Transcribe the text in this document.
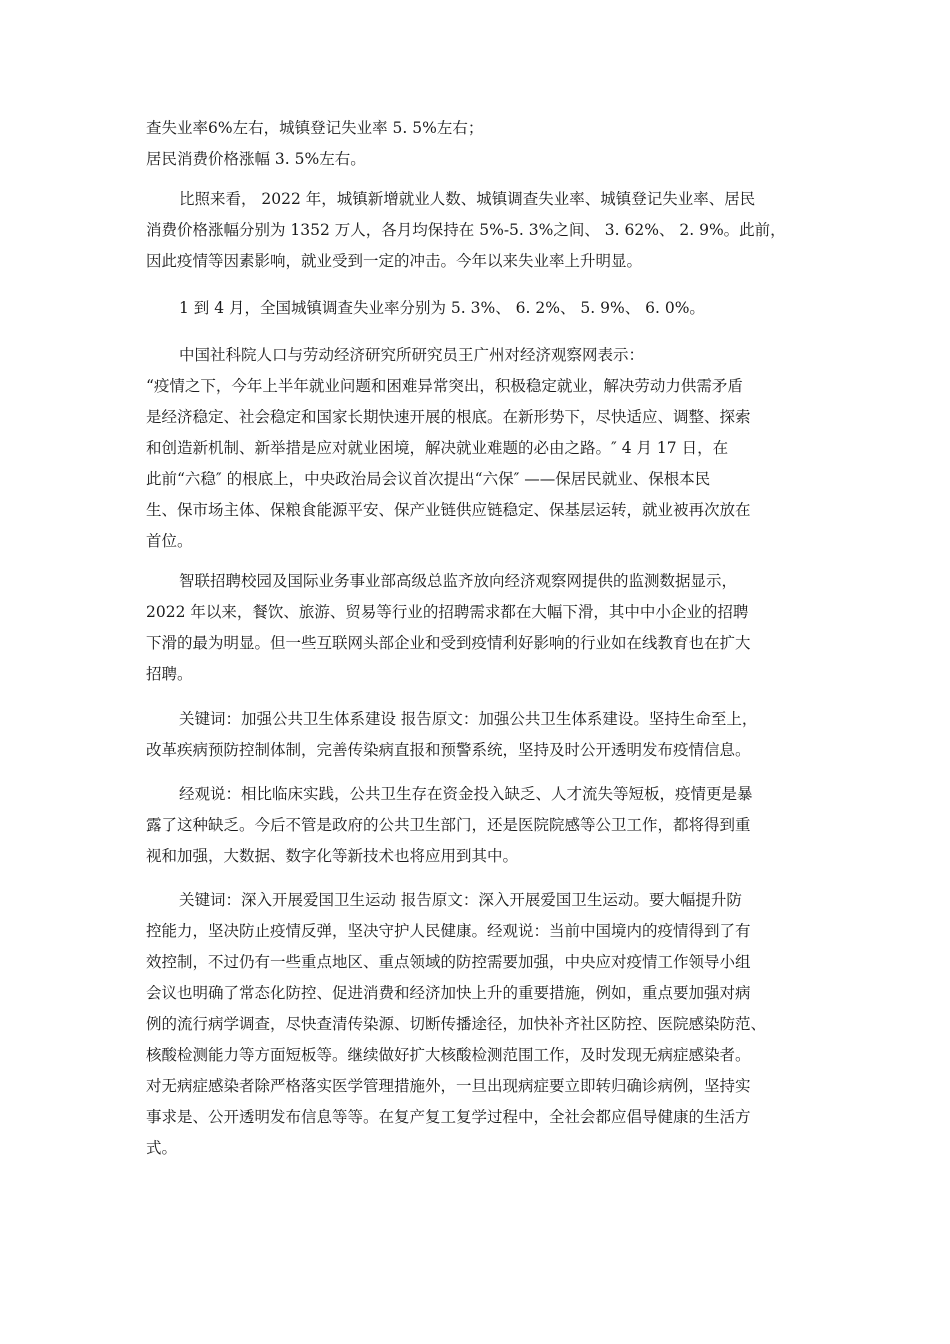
查失业率6%左右，城镇登记失业率 5. 5%左右；
居民消费价格涨幅 3. 5%左右。
比照来看， 2022 年，城镇新增就业人数、城镇调查失业率、城镇登记失业率、居民
消费价格涨幅分别为 1352 万人，各月均保持在 5%-5. 3%之间、 3. 62%、 2. 9%。此前，
因此疫情等因素影响，就业受到一定的冲击。今年以来失业率上升明显。
1 到 4 月，全国城镇调查失业率分别为 5. 3%、 6. 2%、 5. 9%、 6. 0%。
中国社科院人口与劳动经济研究所研究员王广州对经济观察网表示：
“疫情之下，今年上半年就业问题和困难异常突出，积极稳定就业，解决劳动力供需矛盾
是经济稳定、社会稳定和国家长期快速开展的根底。在新形势下，尽快适应、调整、探索
和创造新机制、新举措是应对就业困境，解决就业难题的必由之路。″ 4 月 17 日，在
此前“六稳″ 的根底上，中央政治局会议首次提出“六保″ ——保居民就业、保根本民
生、保市场主体、保粮食能源平安、保产业链供应链稳定、保基层运转，就业被再次放在
首位。
智联招聘校园及国际业务事业部高级总监齐放向经济观察网提供的监测数据显示，
2022 年以来，餐饮、旅游、贸易等行业的招聘需求都在大幅下滑，其中中小企业的招聘
下滑的最为明显。但一些互联网头部企业和受到疫情利好影响的行业如在线教育也在扩大
招聘。
关键词：加强公共卫生体系建设 报告原文：加强公共卫生体系建设。坚持生命至上，
改革疾病预防控制体制，完善传染病直报和预警系统，坚持及时公开透明发布疫情信息。
经观说：相比临床实践，公共卫生存在资金投入缺乏、人才流失等短板，疫情更是暴
露了这种缺乏。今后不管是政府的公共卫生部门，还是医院院感等公卫工作，都将得到重
视和加强，大数据、数字化等新技术也将应用到其中。
关键词：深入开展爱国卫生运动 报告原文：深入开展爱国卫生运动。要大幅提升防
控能力，坚决防止疫情反弹，坚决守护人民健康。经观说：当前中国境内的疫情得到了有
效控制，不过仍有一些重点地区、重点领域的防控需要加强，中央应对疫情工作领导小组
会议也明确了常态化防控、促进消费和经济加快上升的重要措施，例如，重点要加强对病
例的流行病学调查，尽快查清传染源、切断传播途径，加快补齐社区防控、医院感染防范、
核酸检测能力等方面短板等。继续做好扩大核酸检测范围工作，及时发现无病症感染者。
对无病症感染者除严格落实医学管理措施外，一旦出现病症要立即转归确诊病例，坚持实
事求是、公开透明发布信息等等。在复产复工复学过程中，全社会都应倡导健康的生活方
式。
